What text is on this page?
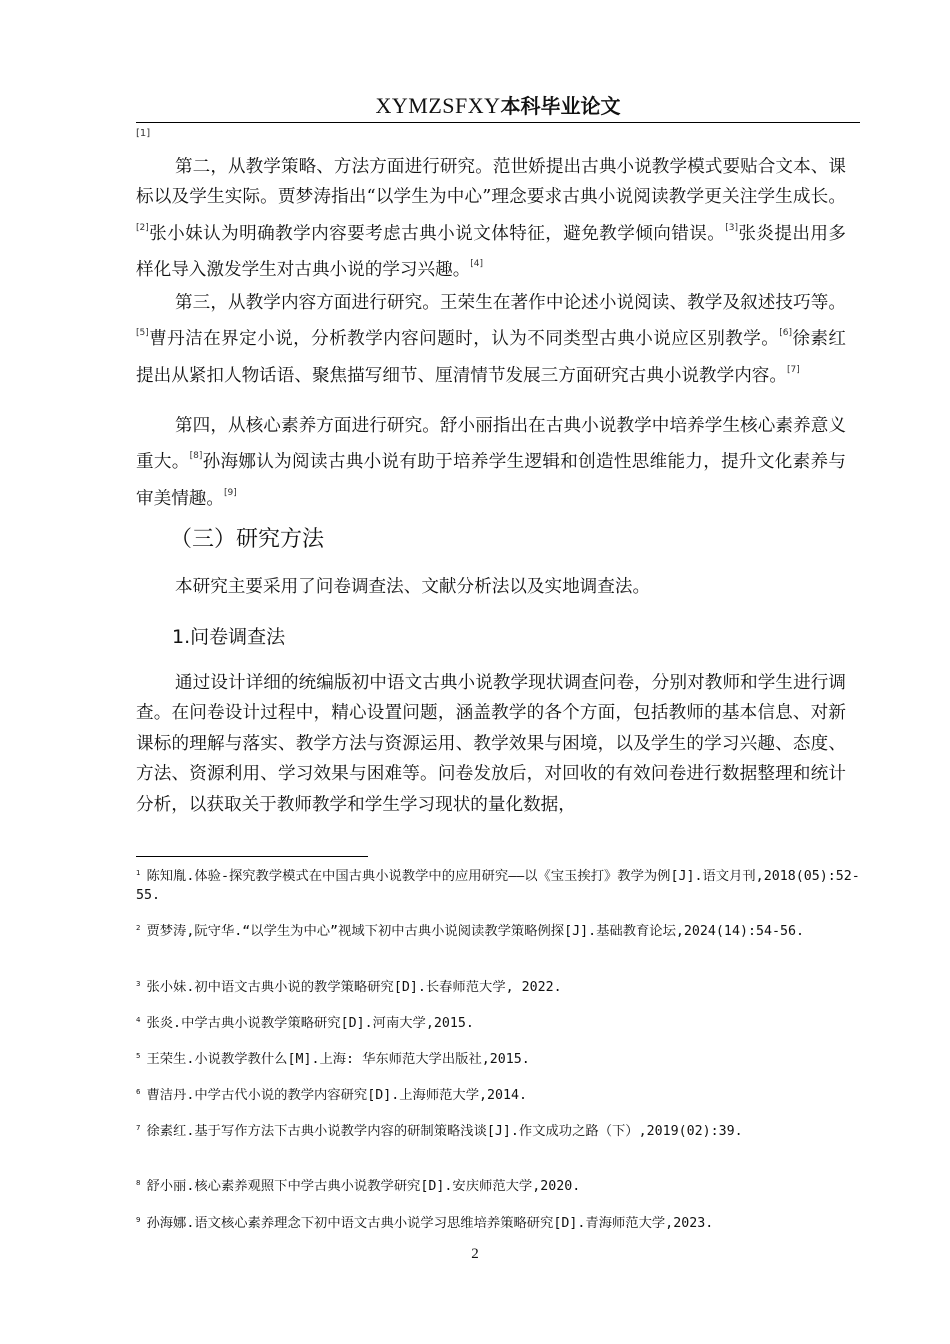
XYMZSFXY本科毕业论文
[1]

第二，从教学策略、方法方面进行研究。范世娇提出古典小说教学模式要贴合文本、课标以及学生实际。贾梦涛指出“以学生为中心”理念要求古典小说阅读教学更关注学生成长。[2]张小妹认为明确教学内容要考虑古典小说文体特征，避免教学倾向错误。[3]张炎提出用多样化导入激发学生对古典小说的学习兴趣。[4]

第三，从教学内容方面进行研究。王荣生在著作中论述小说阅读、教学及叙述技巧等。[5]曹丹洁在界定小说，分析教学内容问题时，认为不同类型古典小说应区别教学。[6]徐素红提出从紧扣人物话语、聚焦描写细节、厘清情节发展三方面研究古典小说教学内容。[7]

第四，从核心素养方面进行研究。舒小丽指出在古典小说教学中培养学生核心素养意义重大。[8]孙海娜认为阅读古典小说有助于培养学生逻辑和创造性思维能力，提升文化素养与审美情趣。[9]

（三）研究方法

本研究主要采用了问卷调查法、文献分析法以及实地调查法。

1.问卷调查法

通过设计详细的统编版初中语文古典小说教学现状调查问卷，分别对教师和学生进行调查。在问卷设计过程中，精心设置问题，涵盖教学的各个方面，包括教师的基本信息、对新课标的理解与落实、教学方法与资源运用、教学效果与困境，以及学生的学习兴趣、态度、方法、资源利用、学习效果与困难等。问卷发放后，对回收的有效问卷进行数据整理和统计分析，以获取关于教师教学和学生学习现状的量化数据，

$^1$ 陈知胤.体验-探究教学模式在中国古典小说教学中的应用研究——以《宝玉挨打》教学为例[J].语文月刊,2018(05):52-55.
$^2$ 贾梦涛,阮守华.“以学生为中心”视域下初中古典小说阅读教学策略例探[J].基础教育论坛,2024(14):54-56.
$^3$ 张小妹.初中语文古典小说的教学策略研究[D].长春师范大学, 2022.
$^4$ 张炎.中学古典小说教学策略研究[D].河南大学,2015.
$^5$ 王荣生.小说教学教什么[M].上海: 华东师范大学出版社,2015.
$^6$ 曹洁丹.中学古代小说的教学内容研究[D].上海师范大学,2014.
$^7$ 徐素红.基于写作方法下古典小说教学内容的研制策略浅谈[J].作文成功之路（下）,2019(02):39.
$^8$ 舒小丽.核心素养观照下中学古典小说教学研究[D].安庆师范大学,2020.
$^9$ 孙海娜.语文核心素养理念下初中语文古典小说学习思维培养策略研究[D].青海师范大学,2023.
2
